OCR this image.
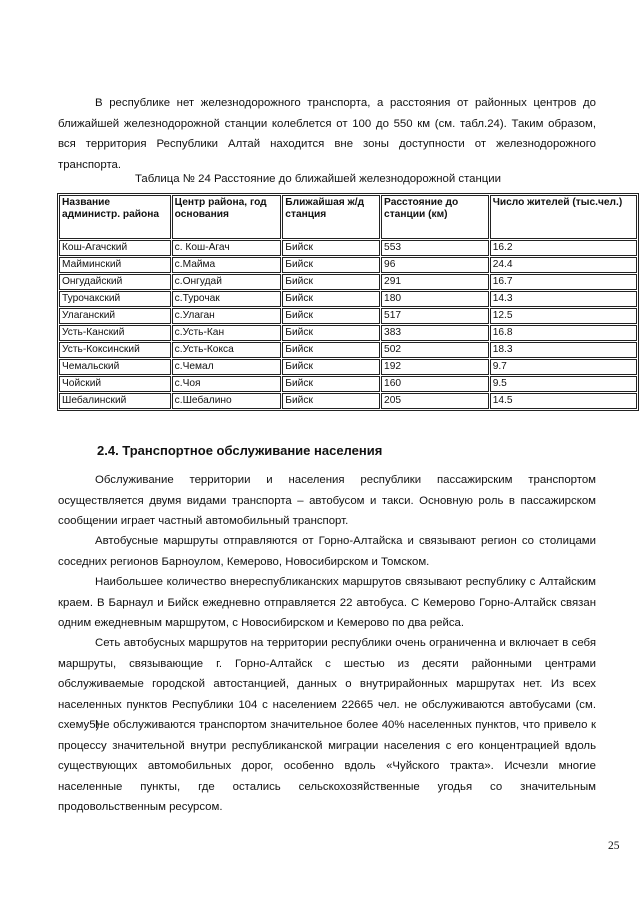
В республике нет железнодорожного транспорта, а расстояния от районных центров до ближайшей железнодорожной станции колеблется от 100 до 550 км (см. табл.24). Таким образом, вся территория Республики Алтай находится вне зоны доступности от железнодорожного транспорта.

Таблица № 24 Расстояние до ближайшей железнодорожной станции

Название администр. района	Центр района, год основания	Ближайшая ж/д станция	Расстояние до станции (км)	Число жителей (тыс.чел.)
Кош-Агачский	с. Кош-Агач	Бийск	553	16.2
Майминский	с.Майма	Бийск	96	24.4
Онгудайский	с.Онгудай	Бийск	291	16.7
Турочакский	с.Турочак	Бийск	180	14.3
Улаганский	с.Улаган	Бийск	517	12.5
Усть-Канский	с.Усть-Кан	Бийск	383	16.8
Усть-Коксинский	с.Усть-Кокса	Бийск	502	18.3
Чемальский	с.Чемал	Бийск	192	9.7
Чойский	с.Чоя	Бийск	160	9.5
Шебалинский	с.Шебалино	Бийск	205	14.5
2.4. Транспортное обслуживание населения

Обслуживание территории и населения республики пассажирским транспортом осуществляется двумя видами транспорта – автобусом и такси. Основную роль в пассажирском сообщении играет частный автомобильный транспорт.

Автобусные маршруты отправляются от Горно-Алтайска и связывают регион со столицами соседних регионов Барноулом, Кемерово, Новосибирском и Томском.

Наибольшее количество внереспубликанских маршрутов связывают республику с Алтайским краем. В Барнаул и Бийск ежедневно отправляется 22 автобуса. С Кемерово Горно-Алтайск связан одним ежедневным маршрутом, с Новосибирском и Кемерово по два рейса.

Сеть автобусных маршрутов на территории республики очень ограниченна и включает в себя маршруты, связывающие г. Горно-Алтайск с шестью из десяти районными центрами обслуживаемые городской автостанцией, данных о внутрирайонных маршрутах нет. Из всех населенных пунктов Республики 104 с населением 22665 чел. не обслуживаются автобусами (см. схему5).

Не обслуживаются транспортом значительное более 40% населенных пунктов, что привело к процессу значительной внутри республиканской миграции населения с его концентрацией вдоль существующих автомобильных дорог, особенно вдоль «Чуйского тракта». Исчезли многие населенные пункты, где остались сельскохозяйственные угодья со значительным продовольственным ресурсом.

25
